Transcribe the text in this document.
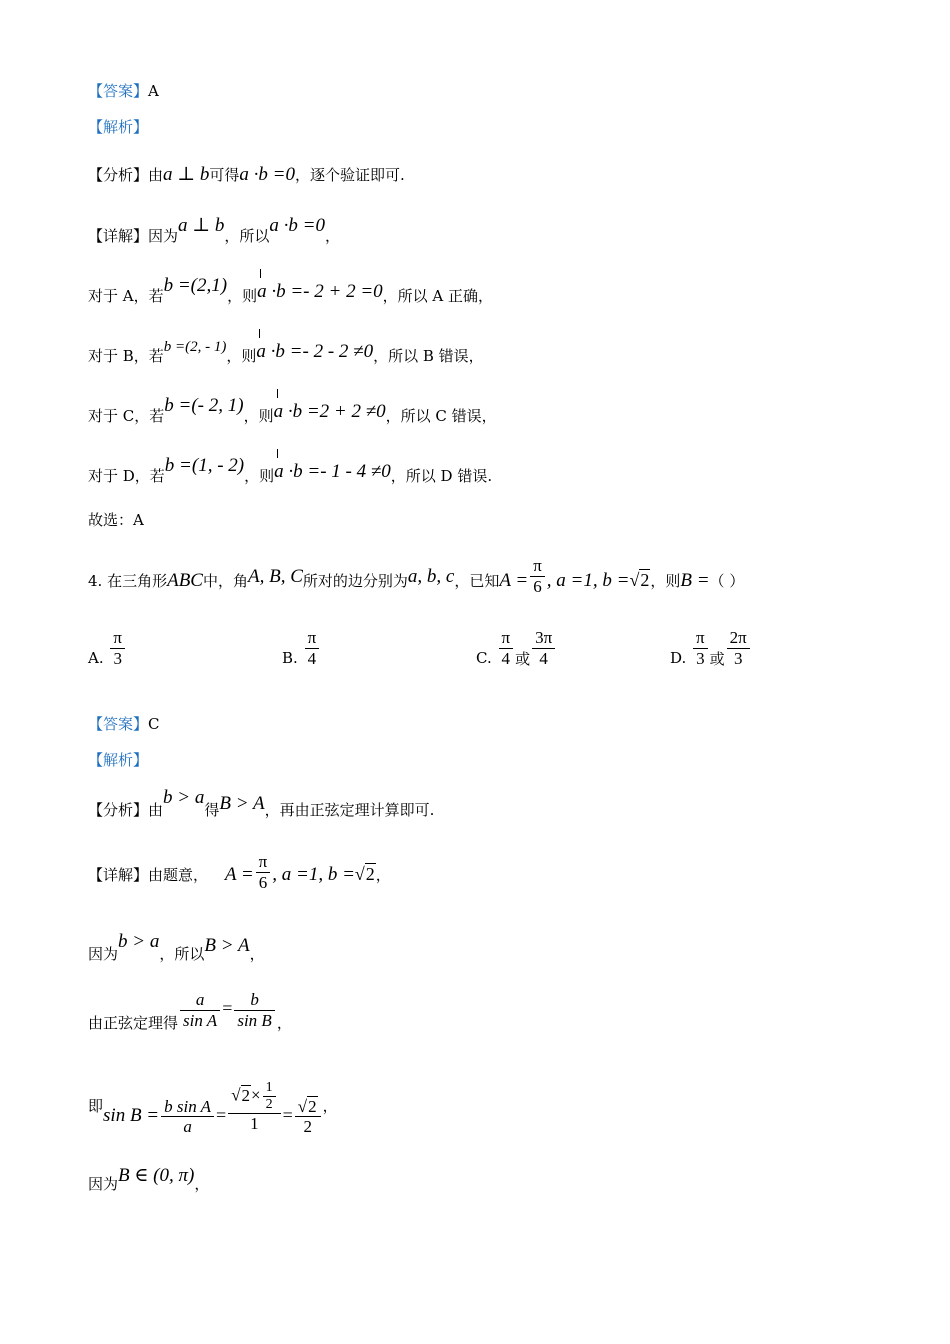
【答案】A
【解析】
【分析】由a ⊥ b可得a ·b =0，逐个验证即可.
【详解】因为a ⊥ b，所以a ·b =0，
对于 A，若b =(2,1)，则a ·b =- 2 + 2 =0，所以 A 正确，
对于 B，若b =(2, - 1)，则a ·b =- 2 - 2 ≠0，所以 B 错误，
对于 C，若b =(- 2, 1)，则a ·b =2 + 2 ≠0，所以 C 错误，
对于 D，若b =(1, - 2)，则a ·b =- 1 - 4 ≠0，所以 D 错误.
故选：A
4. 在三角形ABC中，角A, B, C所对的边分别为a, b, c，已知$A = \frac{\pi}{6}$ , a =1, b =√2，则B =（ ）
A. $\frac{\pi}{3}$	B. $\frac{\pi}{4}$	C. $\frac{\pi}{4}$ 或 $\frac{3\pi}{4}$	D. $\frac{\pi}{3}$ 或 $\frac{2\pi}{3}$
【答案】C
【解析】
【分析】由b > a得B > A，再由正弦定理计算即可.
【详解】由题意， $A = \frac{\pi}{6}$ , a =1, b =√2，
因为b > a，所以B > A，
由正弦定理得 $\frac{a}{\text{sin A}} = \frac{b}{\text{sin B}}$ ，
即$\sin B = \frac{\text{b sin A}}{a} = \frac{√2\times \frac{1}{2}}{1} = \frac{√2}{2}$ ，
因为B ∈ (0, π)，
